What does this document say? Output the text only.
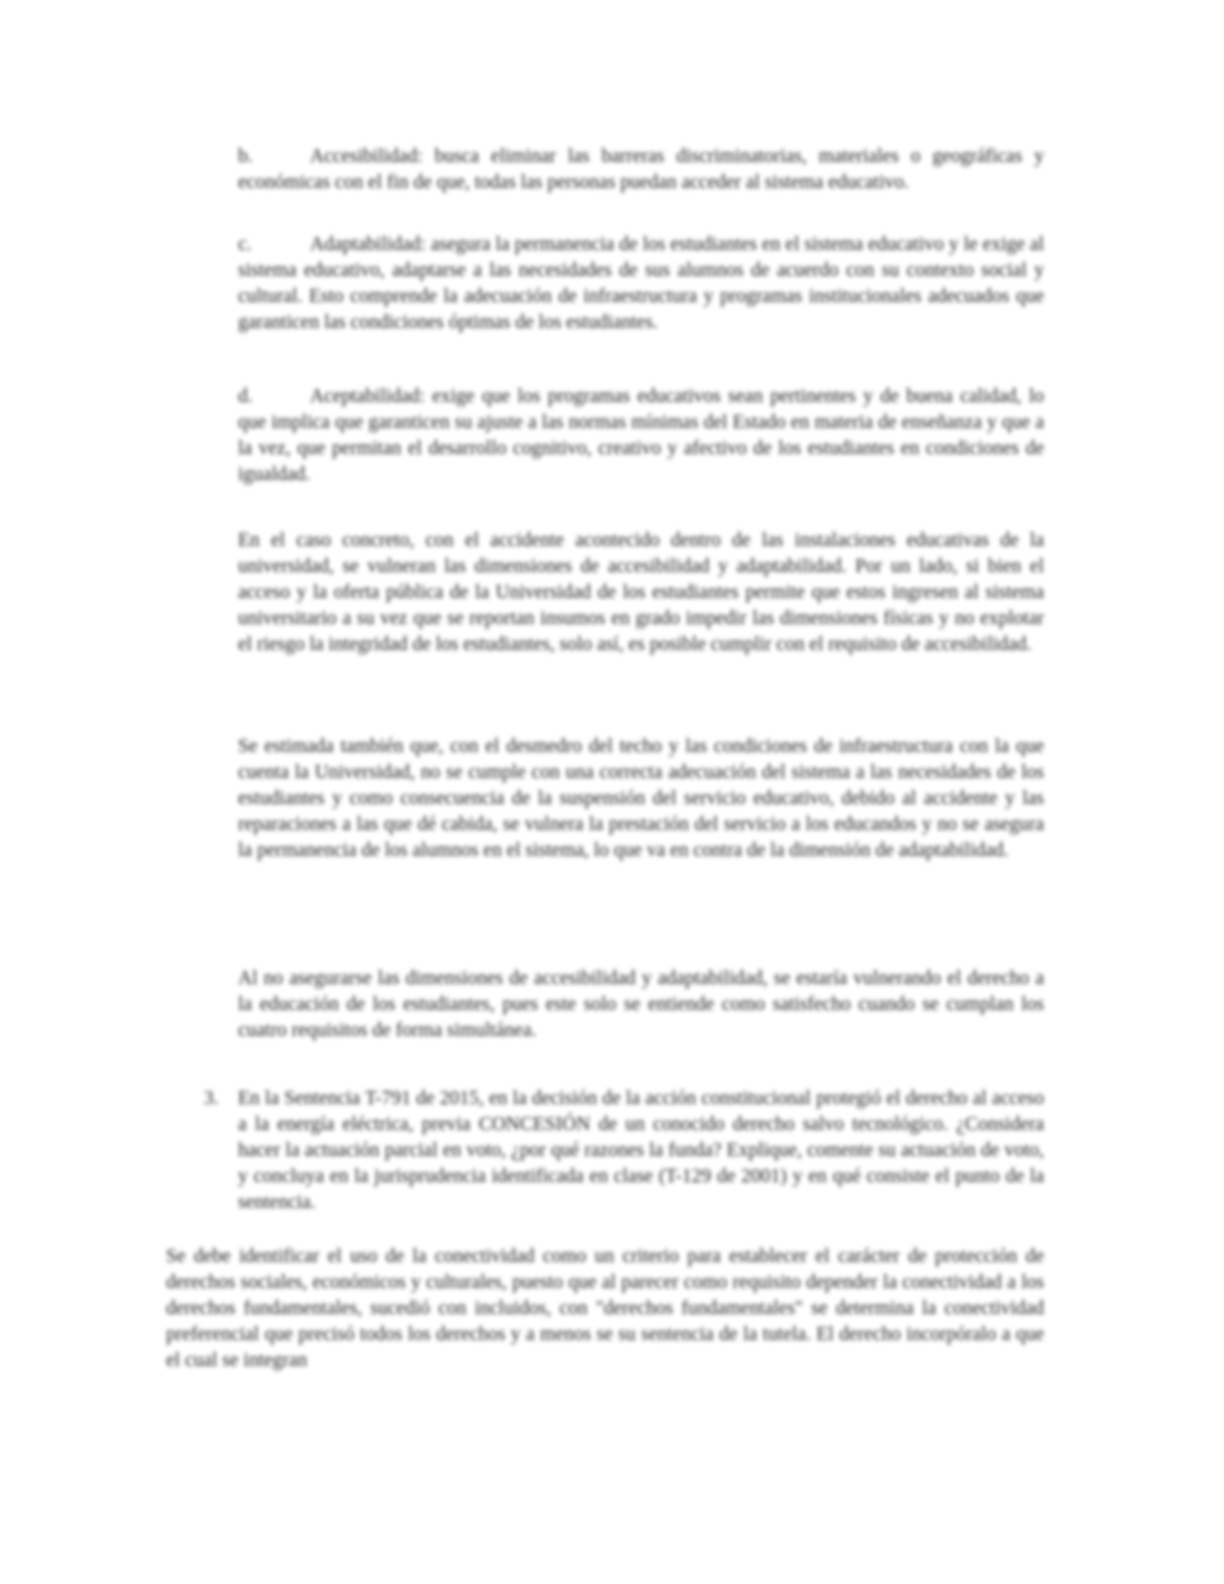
b.	Accesibilidad: busca eliminar las barreras discriminatorias, materiales o geográficas y económicas con el fin de que, todas las personas puedan acceder al sistema educativo.

c.	Adaptabilidad: asegura la permanencia de los estudiantes en el sistema educativo y le exige al sistema educativo, adaptarse a las necesidades de sus alumnos de acuerdo con su contexto social y cultural. Esto comprende la adecuación de infraestructura y programas institucionales adecuados que garanticen las condiciones óptimas de los estudiantes.

d.	Aceptabilidad: exige que los programas educativos sean pertinentes y de buena calidad, lo que implica que garanticen su ajuste a las normas mínimas del Estado en materia de enseñanza y que a la vez, que permitan el desarrollo cognitivo, creativo y afectivo de los estudiantes en condiciones de igualdad.

En el caso concreto, con el accidente acontecido dentro de las instalaciones educativas de la universidad, se vulneran las dimensiones de accesibilidad y adaptabilidad. Por un lado, si bien el acceso y la oferta pública de la Universidad de los estudiantes permite que estos ingresen al sistema universitario a su vez que se reportan insumos en grado impedir las dimensiones físicas y no explotar el riesgo la integridad de los estudiantes, solo así, es posible cumplir con el requisito de accesibilidad.

Se estimada también que, con el desmedro del techo y las condiciones de infraestructura con la que cuenta la Universidad, no se cumple con una correcta adecuación del sistema a las necesidades de los estudiantes y como consecuencia de la suspensión del servicio educativo, debido al accidente y las reparaciones a las que dé cabida, se vulnera la prestación del servicio a los educandos y no se asegura la permanencia de los alumnos en el sistema, lo que va en contra de la dimensión de adaptabilidad.

Al no asegurarse las dimensiones de accesibilidad y adaptabilidad, se estaría vulnerando el derecho a la educación de los estudiantes, pues este solo se entiende como satisfecho cuando se cumplan los cuatro requisitos de forma simultánea.

3. En la Sentencia T-791 de 2015, en la decisión de la acción constitucional protegió el derecho al acceso a la energía eléctrica, previa CONCESIÓN de un conocido derecho salvo tecnológico. ¿Considera hacer la actuación parcial en voto, ¿por qué razones la funda? Explique, comente su actuación de voto, y concluya en la jurisprudencia identificada en clase (T-129 de 2001) y en qué consiste el punto de la sentencia.

Se debe identificar el uso de la conectividad como un criterio para establecer el carácter de protección de derechos sociales, económicos y culturales, puesto que al parecer como requisito depender la conectividad a los derechos fundamentales, sucedió con incluidos, con "derechos fundamentales" se determina la conectividad preferencial que precisó todos los derechos y a menos se su sentencia de la tutela. El derecho incorpóralo a que el cual se integran
